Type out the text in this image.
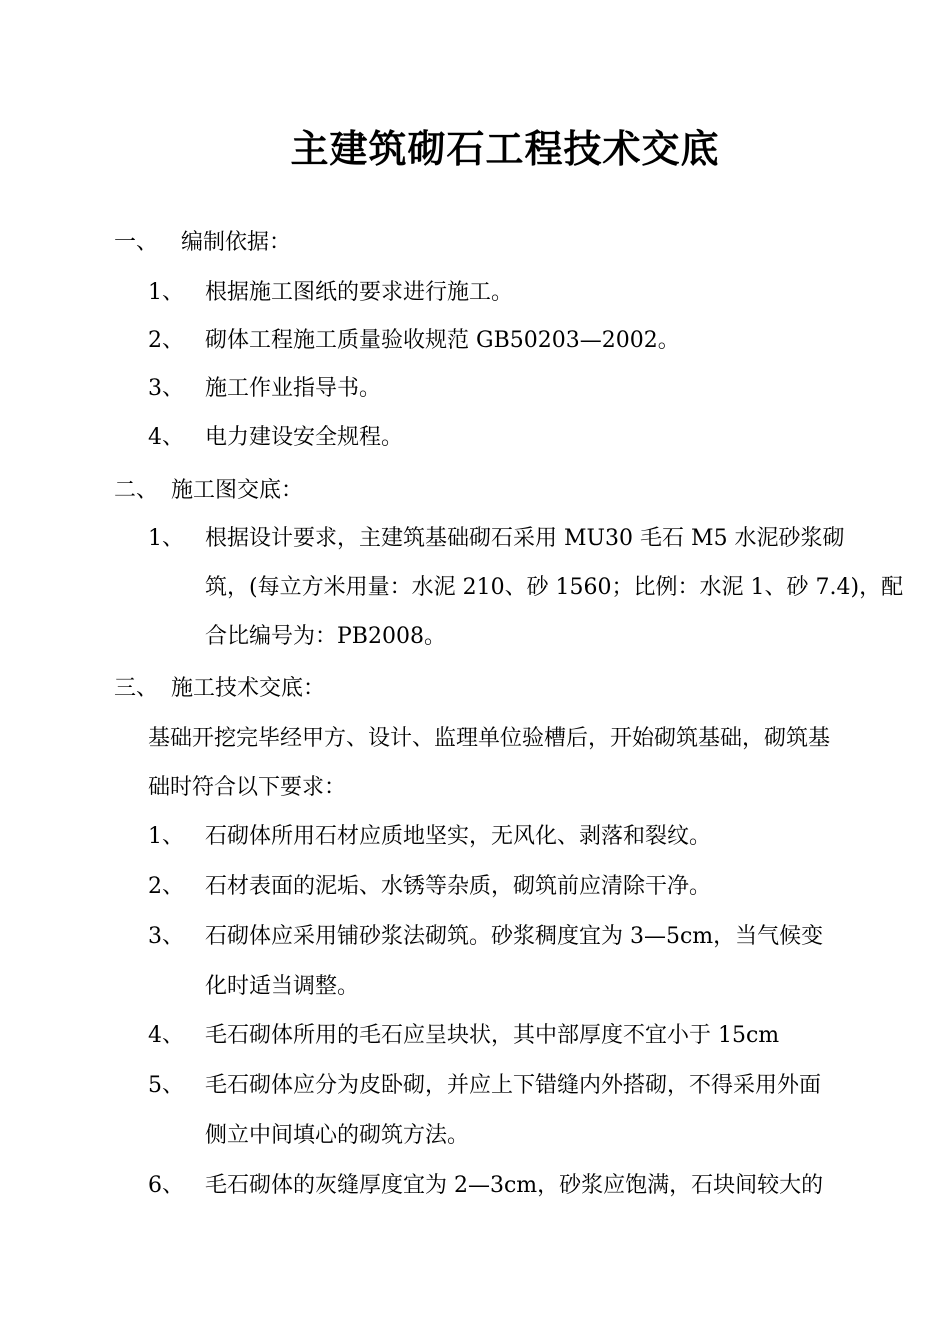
主建筑砌石工程技术交底
一、 编制依据：
1、 根据施工图纸的要求进行施工。
2、 砌体工程施工质量验收规范 GB50203—2002。
3、 施工作业指导书。
4、 电力建设安全规程。
二、 施工图交底：
1、 根据设计要求，主建筑基础砌石采用 MU30 毛石 M5 水泥砂浆砌
筑，(每立方米用量：水泥 210、砂 1560；比例：水泥 1、砂 7.4)，配
合比编号为：PB2008。
三、 施工技术交底：
基础开挖完毕经甲方、设计、监理单位验槽后，开始砌筑基础，砌筑基
础时符合以下要求：
1、 石砌体所用石材应质地坚实，无风化、剥落和裂纹。
2、 石材表面的泥垢、水锈等杂质，砌筑前应清除干净。
3、 石砌体应采用铺砂浆法砌筑。砂浆稠度宜为 3—5cm，当气候变
化时适当调整。
4、 毛石砌体所用的毛石应呈块状，其中部厚度不宜小于 15cm
5、 毛石砌体应分为皮卧砌，并应上下错缝内外搭砌，不得采用外面
侧立中间填心的砌筑方法。
6、 毛石砌体的灰缝厚度宜为 2—3cm，砂浆应饱满，石块间较大的
